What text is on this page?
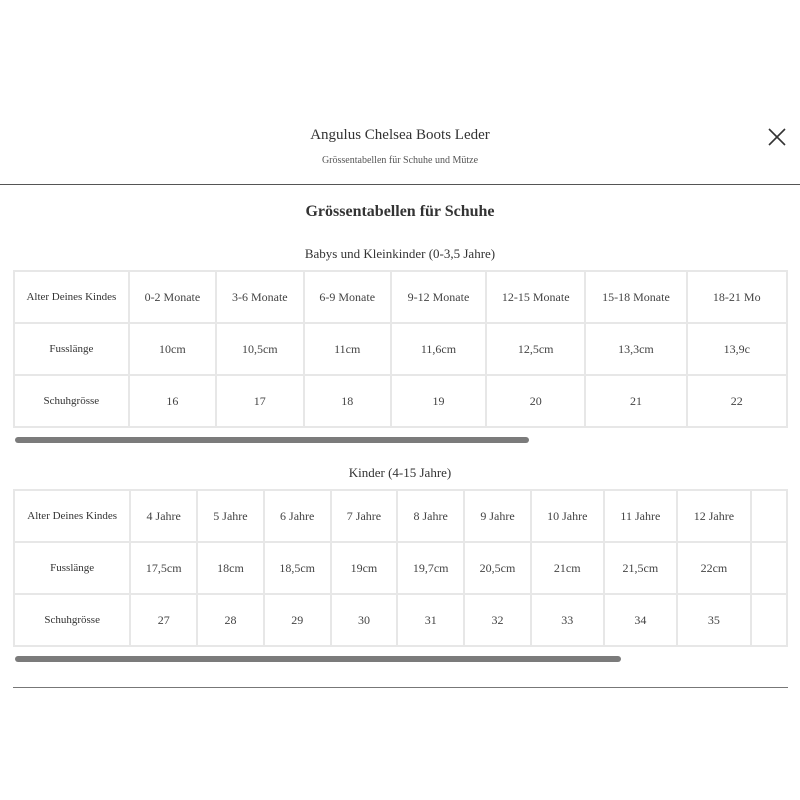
Angulus Chelsea Boots Leder
Grössentabellen für Schuhe und Mütze
Grössentabellen für Schuhe
Babys und Kleinkinder (0-3,5 Jahre)
Alter Deines Kindes	0-2 Monate	3-6 Monate	6-9 Monate	9-12 Monate	12-15 Monate	15-18 Monate	18-21 Mo
Fusslänge	10cm	10,5cm	11cm	11,6cm	12,5cm	13,3cm	13,9c
Schuhgrösse	16	17	18	19	20	21	22
Kinder (4-15 Jahre)
Alter Deines Kindes	4 Jahre	5 Jahre	6 Jahre	7 Jahre	8 Jahre	9 Jahre	10 Jahre	11 Jahre	12 Jahre	
Fusslänge	17,5cm	18cm	18,5cm	19cm	19,7cm	20,5cm	21cm	21,5cm	22cm	
Schuhgrösse	27	28	29	30	31	32	33	34	35	
